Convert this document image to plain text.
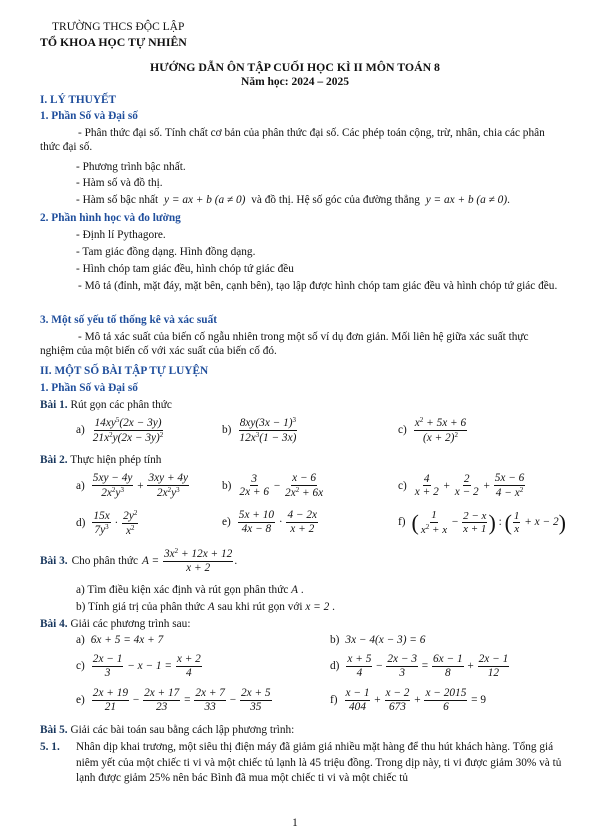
TRƯỜNG THCS ĐỘC LẬP
TỔ KHOA HỌC TỰ NHIÊN
HƯỚNG DẪN ÔN TẬP CUỐI HỌC KÌ II MÔN TOÁN 8
Năm học: 2024 – 2025
I. LÝ THUYẾT
1. Phần Số và Đại số
- Phân thức đại số. Tính chất cơ bản của phân thức đại số. Các phép toán cộng, trừ, nhân, chia các phân thức đại số.
- Phương trình bậc nhất.
- Hàm số và đồ thị.
- Hàm số bậc nhất y = ax + b (a ≠ 0) và đồ thị. Hệ số góc của đường thẳng y = ax + b (a ≠ 0).
2. Phần hình học và đo lường
- Định lí Pythagore.
- Tam giác đồng dạng. Hình đồng dạng.
- Hình chóp tam giác đều, hình chóp tứ giác đều
- Mô tả (đỉnh, mặt đáy, mặt bên, cạnh bên), tạo lập được hình chóp tam giác đều và hình chóp tứ giác đều.
3. Một số yếu tố thống kê và xác suất
- Mô tả xác suất của biến cố ngẫu nhiên trong một số ví dụ đơn giản. Mối liên hệ giữa xác suất thực nghiệm của một biến cố với xác suất của biến cố đó.
II. MỘT SỐ BÀI TẬP TỰ LUYỆN
1. Phần Số và Đại số
Bài 1. Rút gọn các phân thức
$a) \frac{14xy^5(2x - 3y)}{21x^2y(2x - 3y)^2}$	$b) \frac{8xy(3x - 1)^3}{12x^3(1 - 3x)}$	$c) \frac{x^2 + 5x + 6}{(x + 2)^2}$
Bài 2. Thực hiện phép tính
$a) \frac{5xy - 4y}{2x^2y^3} + \frac{3xy + 4y}{2x^2y^3}$	$b) \frac{3}{2x + 6} - \frac{x - 6}{2x^2 + 6x}$	$c) \frac{4}{x + 2} + \frac{2}{x - 2} + \frac{5x - 6}{4 - x^2}$
$d) \frac{15x}{7y^3} \cdot \frac{2y^2}{x^2}$	$e) \frac{5x + 10}{4x - 8} \cdot \frac{4 - 2x}{x + 2}$	f) ( $\frac{1}{x^2 + x} - \frac{2 - x}{x + 1}$ ) : ( $\frac{1}{x} + x - 2$ )
Bài 3. Cho phân thức $A = \frac{3x^2 + 12x + 12}{x + 2}$ .
a) Tìm điều kiện xác định và rút gọn phân thức A .
b) Tính giá trị của phân thức A sau khi rút gọn với x = 2 .
Bài 4. Giải các phương trình sau:
a) 6x + 5 = 4x + 7	b) 3x − 4(x − 3) = 6
$c) \frac{2x - 1}{3} - x - 1 = \frac{x + 2}{4}$	$d) \frac{x + 5}{4} - \frac{2x - 3}{3} = \frac{6x - 1}{8} + \frac{2x - 1}{12}$
$e) \frac{2x + 19}{21} - \frac{2x + 17}{23} = \frac{2x + 7}{33} - \frac{2x + 5}{35}$	$f) \frac{x - 1}{404} + \frac{x - 2}{673} + \frac{x - 2015}{6} = 9$
Bài 5. Giải các bài toán sau bằng cách lập phương trình:
5. 1. Nhân dịp khai trương, một siêu thị điện máy đã giảm giá nhiều mặt hàng để thu hút khách hàng. Tổng giá niêm yết của một chiếc ti vi và một chiếc tủ lạnh là 45 triệu đồng. Trong dịp này, ti vi được giảm 30% và tủ lạnh được giảm 25% nên bác Bình đã mua một chiếc ti vi và một chiếc tủ
1
